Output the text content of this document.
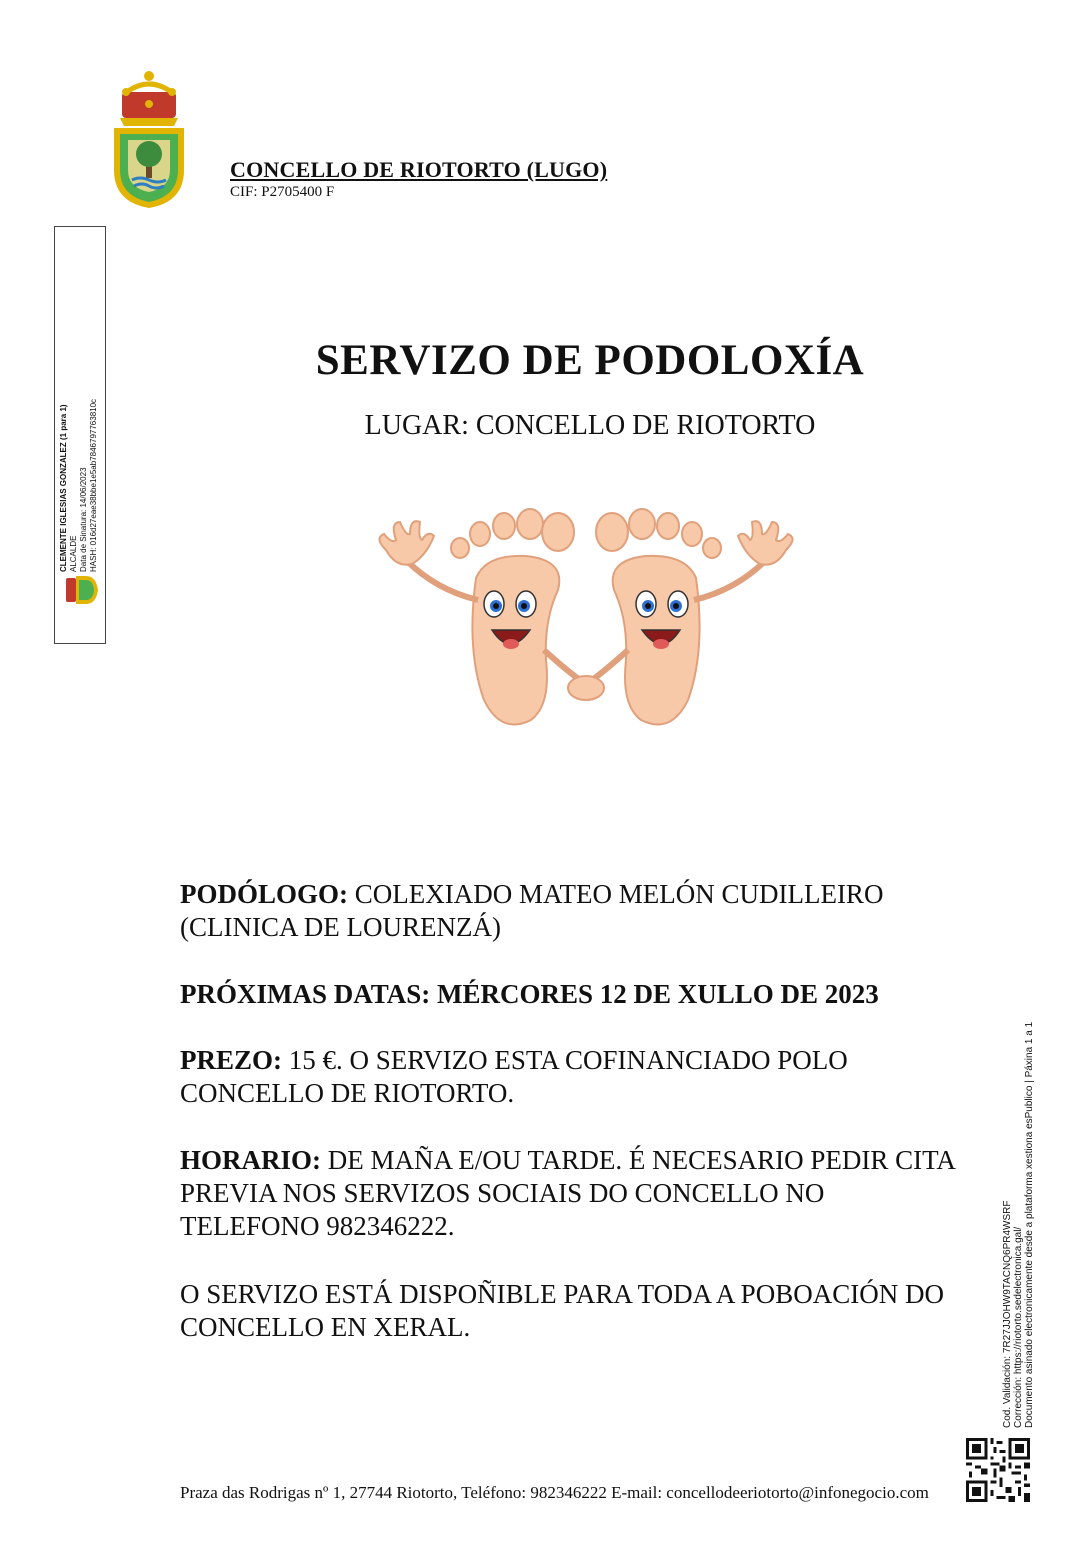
CONCELLO DE RIOTORTO (LUGO)
CIF: P2705400 F
CLEMENTE IGLESIAS GONZALEZ (1 para 1) ALCALDE Data de Sinatura: 14/06/2023 HASH: 016d27eae38bbe1e5ab7846797763810c
SERVIZO DE PODOLOXÍA
LUGAR: CONCELLO DE RIOTORTO
PODÓLOGO: COLEXIADO MATEO MELÓN CUDILLEIRO (CLINICA DE LOURENZÁ)
PRÓXIMAS DATAS: MÉRCORES 12 DE XULLO DE 2023
PREZO: 15 €. O SERVIZO ESTA COFINANCIADO POLO CONCELLO DE RIOTORTO.
HORARIO: DE MAÑA E/OU TARDE. É NECESARIO PEDIR CITA PREVIA NOS SERVIZOS SOCIAIS DO CONCELLO NO TELEFONO 982346222.
O SERVIZO ESTÁ DISPOÑIBLE PARA TODA A POBOACIÓN DO CONCELLO EN XERAL.	Cod. Validación: 7R27JJOHW9TACNQ6PR4WSRF Corrección: https://riotorto.sedelectronica.gal/ Documento asinado electronicamente desde a plataforma xestiona esPublico | Páxina 1 a 1
Praza das Rodrigas nº 1, 27744 Riotorto, Teléfono: 982346222 E-mail: concellodeeriotorto@infonegocio.com
